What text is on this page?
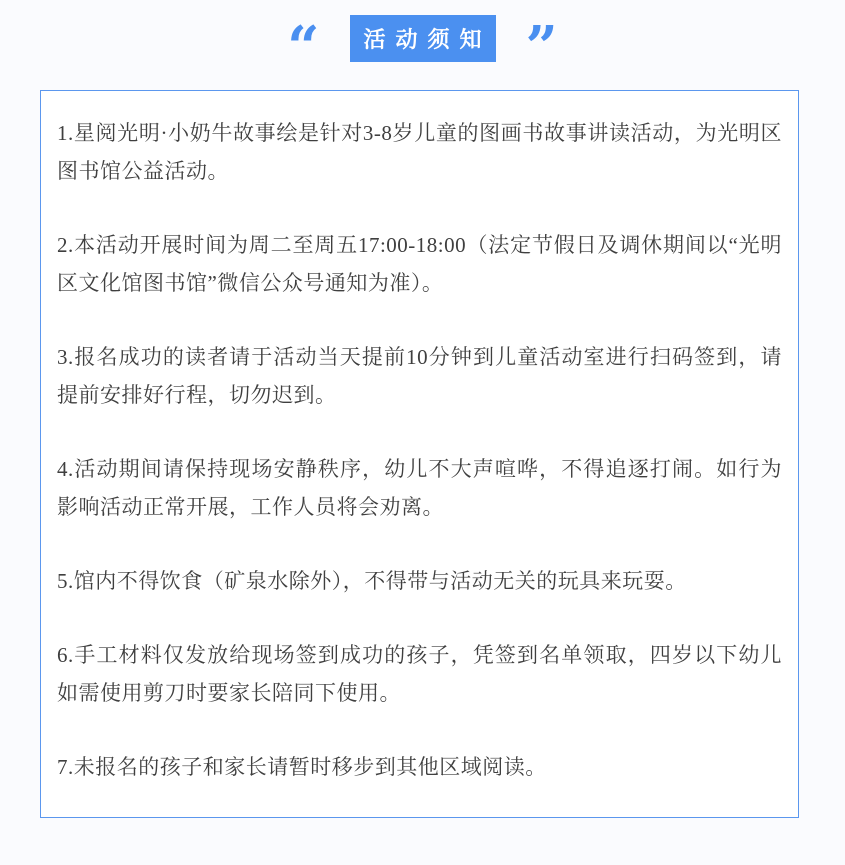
“ 活动须知 ”

1.星阅光明·小奶牛故事绘是针对3-8岁儿童的图画书故事讲读活动，为光明区图书馆公益活动。

2.本活动开展时间为周二至周五17:00-18:00（法定节假日及调休期间以“光明区文化馆图书馆”微信公众号通知为准）。

3.报名成功的读者请于活动当天提前10分钟到儿童活动室进行扫码签到，请提前安排好行程，切勿迟到。

4.活动期间请保持现场安静秩序，幼儿不大声喧哗，不得追逐打闹。如行为影响活动正常开展，工作人员将会劝离。

5.馆内不得饮食（矿泉水除外），不得带与活动无关的玩具来玩耍。

6.手工材料仅发放给现场签到成功的孩子，凭签到名单领取，四岁以下幼儿如需使用剪刀时要家长陪同下使用。

7.未报名的孩子和家长请暂时移步到其他区域阅读。
